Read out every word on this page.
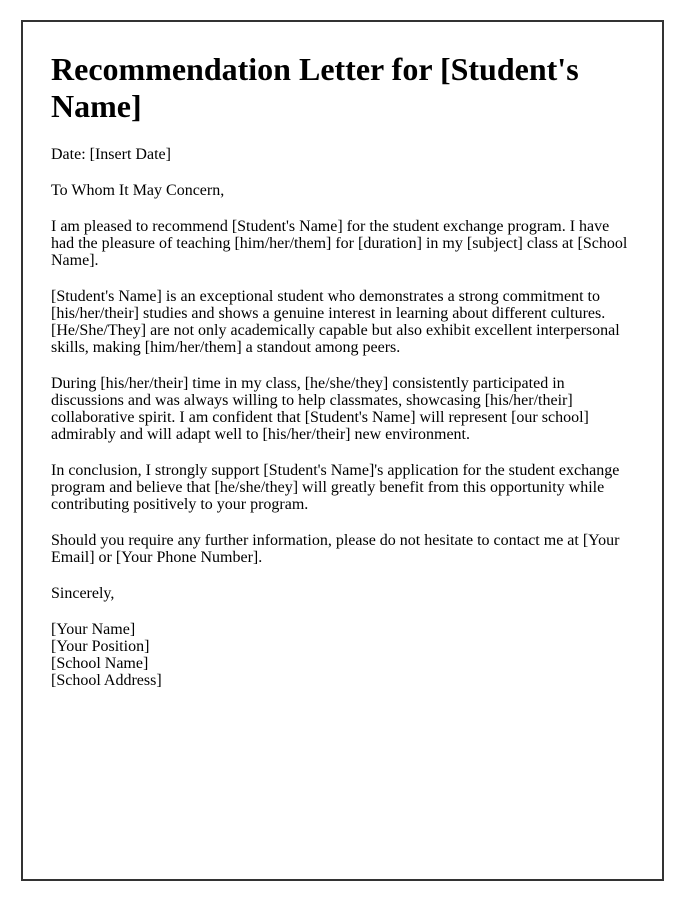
Recommendation Letter for [Student's Name]

Date: [Insert Date]

To Whom It May Concern,

I am pleased to recommend [Student's Name] for the student exchange program. I have had the pleasure of teaching [him/her/them] for [duration] in my [subject] class at [School Name].

[Student's Name] is an exceptional student who demonstrates a strong commitment to [his/her/their] studies and shows a genuine interest in learning about different cultures. [He/She/They] are not only academically capable but also exhibit excellent interpersonal skills, making [him/her/them] a standout among peers.

During [his/her/their] time in my class, [he/she/they] consistently participated in discussions and was always willing to help classmates, showcasing [his/her/their] collaborative spirit. I am confident that [Student's Name] will represent [our school] admirably and will adapt well to [his/her/their] new environment.

In conclusion, I strongly support [Student's Name]'s application for the student exchange program and believe that [he/she/they] will greatly benefit from this opportunity while contributing positively to your program.

Should you require any further information, please do not hesitate to contact me at [Your Email] or [Your Phone Number].

Sincerely,

[Your Name]
[Your Position]
[School Name]
[School Address]
